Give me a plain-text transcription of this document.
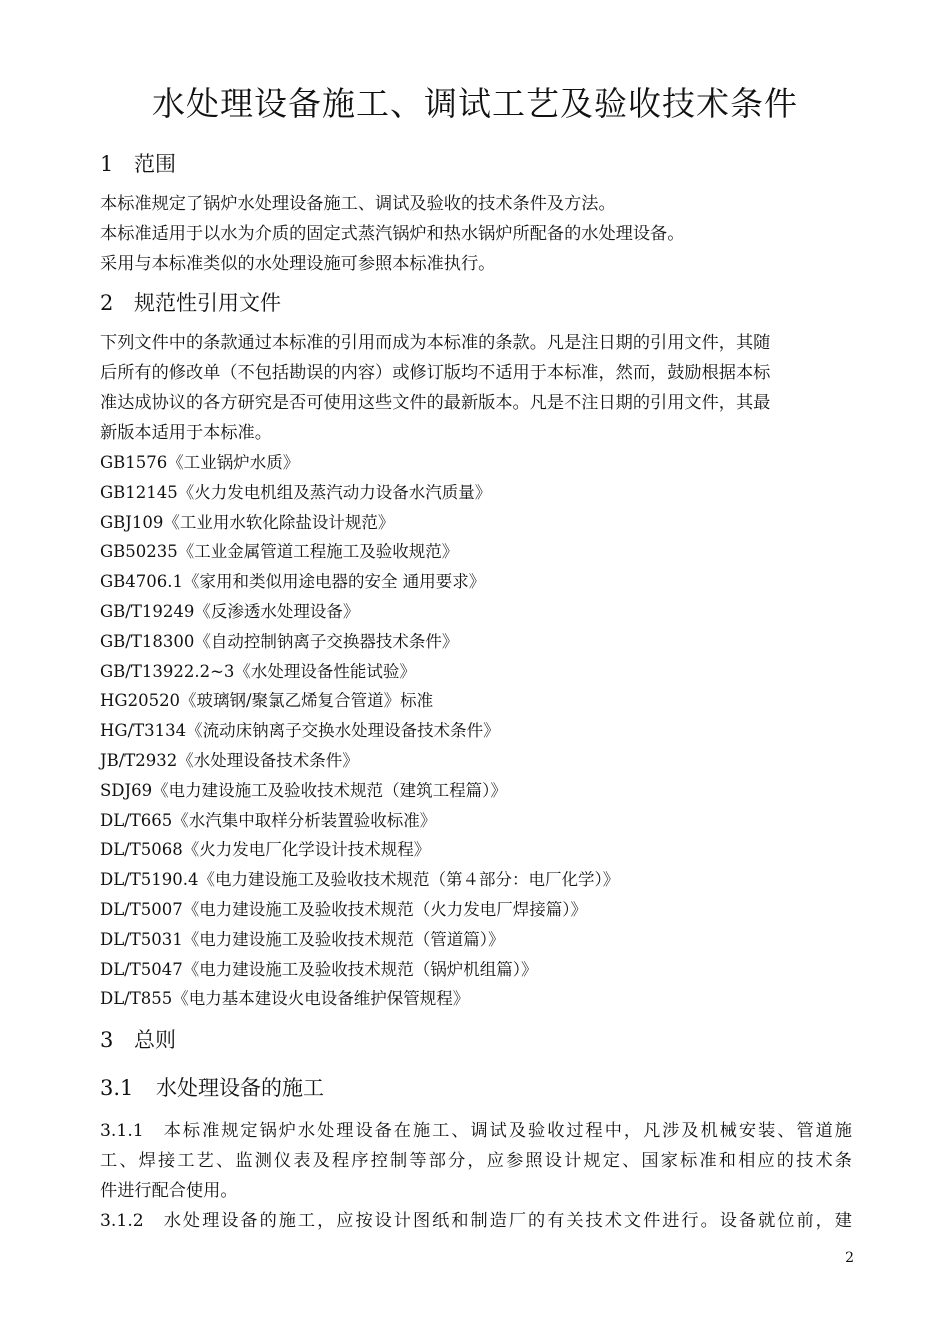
水处理设备施工、调试工艺及验收技术条件
1 范围
本标准规定了锅炉水处理设备施工、调试及验收的技术条件及方法。
本标准适用于以水为介质的固定式蒸汽锅炉和热水锅炉所配备的水处理设备。
采用与本标准类似的水处理设施可参照本标准执行。
2 规范性引用文件
下列文件中的条款通过本标准的引用而成为本标准的条款。凡是注日期的引用文件，其随
后所有的修改单（不包括勘误的内容）或修订版均不适用于本标准，然而，鼓励根据本标
准达成协议的各方研究是否可使用这些文件的最新版本。凡是不注日期的引用文件，其最
新版本适用于本标准。
GB1576《工业锅炉水质》
GB12145《火力发电机组及蒸汽动力设备水汽质量》
GBJ109《工业用水软化除盐设计规范》
GB50235《工业金属管道工程施工及验收规范》
GB4706.1《家用和类似用途电器的安全 通用要求》
GB/T19249《反渗透水处理设备》
GB/T18300《自动控制钠离子交换器技术条件》
GB/T13922.2~3《水处理设备性能试验》
HG20520《玻璃钢/聚氯乙烯复合管道》标准
HG/T3134《流动床钠离子交换水处理设备技术条件》
JB/T2932《水处理设备技术条件》
SDJ69《电力建设施工及验收技术规范（建筑工程篇）》
DL/T665《水汽集中取样分析装置验收标准》
DL/T5068《火力发电厂化学设计技术规程》
DL/T5190.4《电力建设施工及验收技术规范（第４部分：电厂化学）》
DL/T5007《电力建设施工及验收技术规范（火力发电厂焊接篇）》
DL/T5031《电力建设施工及验收技术规范（管道篇）》
DL/T5047《电力建设施工及验收技术规范（锅炉机组篇）》
DL/T855《电力基本建设火电设备维护保管规程》
3 总则
3.1 水处理设备的施工
3.1.1 本标准规定锅炉水处理设备在施工、调试及验收过程中，凡涉及机械安装、管道施
工、焊接工艺、监测仪表及程序控制等部分，应参照设计规定、国家标准和相应的技术条
件进行配合使用。
3.1.2 水处理设备的施工，应按设计图纸和制造厂的有关技术文件进行。设备就位前，建
2
